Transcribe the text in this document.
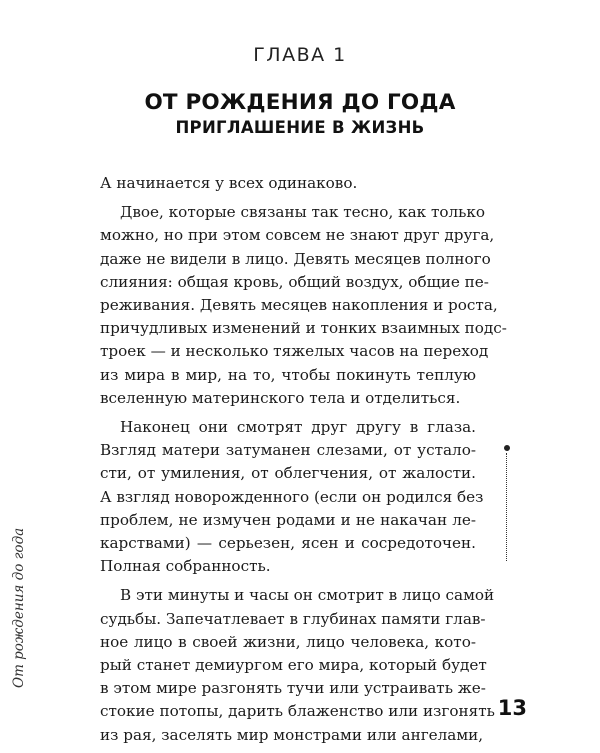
ГЛАВА 1
ОТ РОЖДЕНИЯ ДО ГОДА
ПРИГЛАШЕНИЕ В ЖИЗНЬ

А начинается у всех одинаково.

Двое, которые связаны так тесно, как только
можно, но при этом совсем не знают друг друга,
даже не видели в лицо. Девять месяцев полного
слияния: общая кровь, общий воздух, общие пе-
реживания. Девять месяцев накопления и роста,
причудливых изменений и тонких взаимных подс-
троек — и несколько тяжелых часов на переход
из мира в мир, на то, чтобы покинуть теплую
вселенную материнского тела и отделиться.

Наконец они смотрят друг другу в глаза.
Взгляд матери затуманен слезами, от устало-
сти, от умиления, от облегчения, от жалости.
А взгляд новорожденного (если он родился без
проблем, не измучен родами и не накачан ле-
карствами) — серьезен, ясен и сосредоточен.
Полная собранность.

В эти минуты и часы он смотрит в лицо самой
судьбы. Запечатлевает в глубинах памяти глав-
ное лицо в своей жизни, лицо человека, кото-
рый станет демиургом его мира, который будет
в этом мире разгонять тучи или устраивать жe-
стокие потопы, дарить блаженство или изгонять
из рая, заселять мир монстрами или ангелами,

От рождения до года
13
